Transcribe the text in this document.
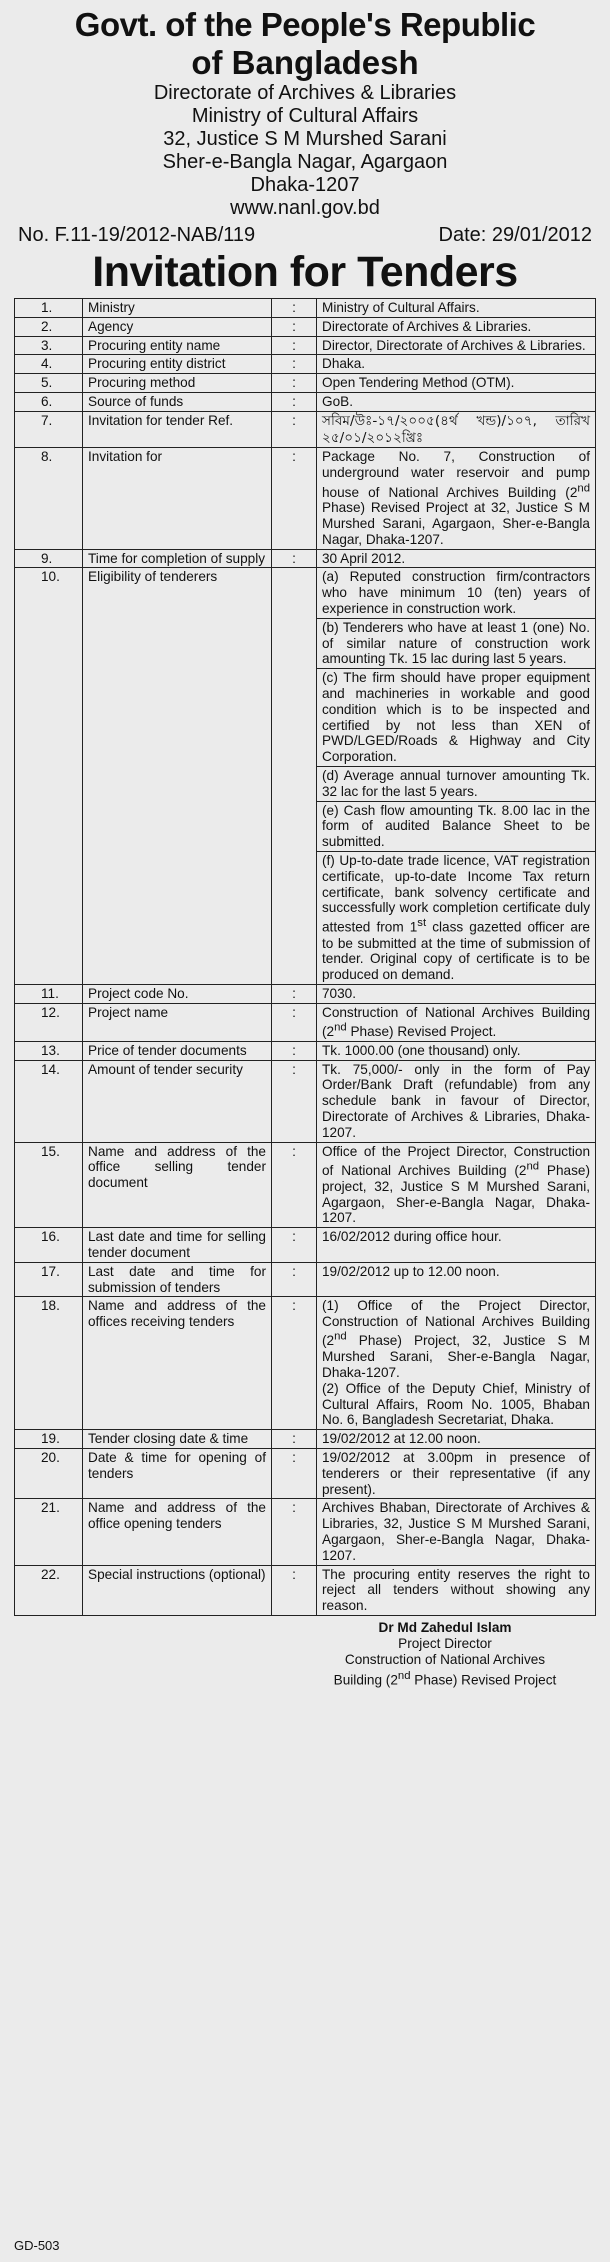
Govt. of the People's Republic
of Bangladesh
Directorate of Archives & Libraries
Ministry of Cultural Affairs
32, Justice S M Murshed Sarani
Sher-e-Bangla Nagar, Agargaon
Dhaka-1207
www.nanl.gov.bd
No. F.11-19/2012-NAB/119	Date: 29/01/2012
Invitation for Tenders
1.	Ministry	:	Ministry of Cultural Affairs.
2.	Agency	:	Directorate of Archives & Libraries.
3.	Procuring entity name	:	Director, Directorate of Archives & Libraries.
4.	Procuring entity district	:	Dhaka.
5.	Procuring method	:	Open Tendering Method (OTM).
6.	Source of funds	:	GoB.
7.	Invitation for tender Ref.	:	সবিম/উঃ-১৭/২০০৫(৪র্থ খন্ড)/১০৭, তারিখ ২৫/০১/২০১২খ্রিঃ
8.	Invitation for	:	Package No. 7, Construction of underground water reservoir and pump house of National Archives Building (2nd Phase) Revised Project at 32, Justice S M Murshed Sarani, Agargaon, Sher-e-Bangla Nagar, Dhaka-1207.
9.	Time for completion of supply	:	30 April 2012.
10.	Eligibility of tenderers		(a) Reputed construction firm/contractors who have minimum 10 (ten) years of experience in construction work.
			(b) Tenderers who have at least 1 (one) No. of similar nature of construction work amounting Tk. 15 lac during last 5 years.
			(c) The firm should have proper equipment and machineries in workable and good condition which is to be inspected and certified by not less than XEN of PWD/LGED/Roads & Highway and City Corporation.
			(d) Average annual turnover amounting Tk. 32 lac for the last 5 years.
			(e) Cash flow amounting Tk. 8.00 lac in the form of audited Balance Sheet to be submitted.
			(f) Up-to-date trade licence, VAT registration certificate, up-to-date Income Tax return certificate, bank solvency certificate and successfully work completion certificate duly attested from 1st class gazetted officer are to be submitted at the time of submission of tender. Original copy of certificate is to be produced on demand.
11.	Project code No.	:	7030.
12.	Project name	:	Construction of National Archives Building (2nd Phase) Revised Project.
13.	Price of tender documents	:	Tk. 1000.00 (one thousand) only.
14.	Amount of tender security	:	Tk. 75,000/- only in the form of Pay Order/Bank Draft (refundable) from any schedule bank in favour of Director, Directorate of Archives & Libraries, Dhaka-1207.
15.	Name and address of the office selling tender document	:	Office of the Project Director, Construction of National Archives Building (2nd Phase) project, 32, Justice S M Murshed Sarani, Agargaon, Sher-e-Bangla Nagar, Dhaka-1207.
16.	Last date and time for selling tender document	:	16/02/2012 during office hour.
17.	Last date and time for submission of tenders	:	19/02/2012 up to 12.00 noon.
18.	Name and address of the offices receiving tenders	:	(1) Office of the Project Director, Construction of National Archives Building (2nd Phase) Project, 32, Justice S M Murshed Sarani, Sher-e-Bangla Nagar, Dhaka-1207.
(2) Office of the Deputy Chief, Ministry of Cultural Affairs, Room No. 1005, Bhaban No. 6, Bangladesh Secretariat, Dhaka.

19.	Tender closing date & time	:	19/02/2012 at 12.00 noon.
20.	Date & time for opening of tenders	:	19/02/2012 at 3.00pm in presence of tenderers or their representative (if any present).
21.	Name and address of the office opening tenders	:	Archives Bhaban, Directorate of Archives & Libraries, 32, Justice S M Murshed Sarani, Agargaon, Sher-e-Bangla Nagar, Dhaka-1207.
22.	Special instructions (optional)	:	The procuring entity reserves the right to reject all tenders without showing any reason.
Dr Md Zahedul Islam
Project Director
Construction of National Archives
Building (2nd Phase) Revised Project
GD-503
